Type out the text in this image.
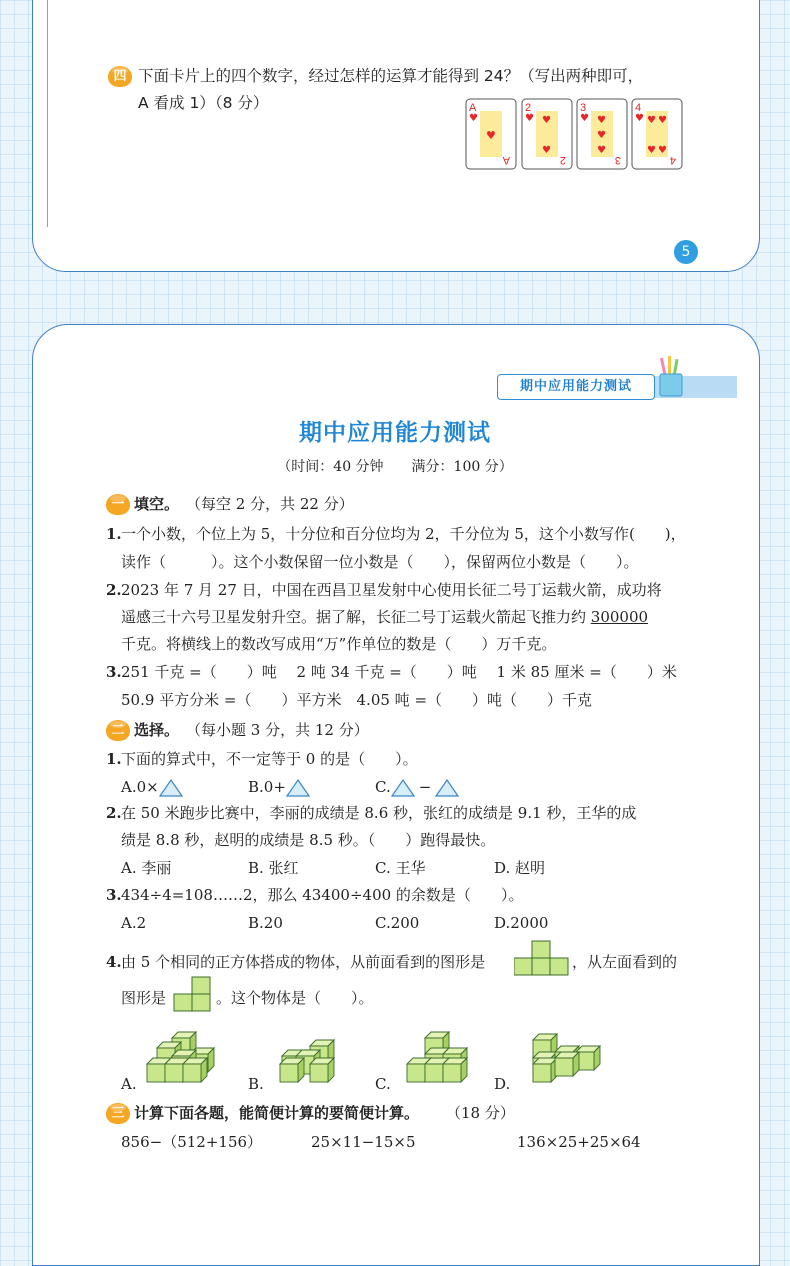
四 下面卡片上的四个数字，经过怎样的运算才能得到 24？（写出两种即可，
A 看成 1）（8 分）	A
♥
♥
A
2
♥ ♥
♥
2
3
♥ ♥
♥
♥
3
4
♥ ♥ ♥
♥ ♥
4
5
期中应用能力测试
期中应用能力测试
（时间：40 分钟　　满分：100 分）
一 填空。 （每空 2 分，共 22 分）
1. 一个小数，个位上为 5，十分位和百分位均为 2，千分位为 5，这个小数写作(　　)，
读作（　　　）。这个小数保留一位小数是（　　），保留两位小数是（　　）。
2. 2023 年 7 月 27 日，中国在西昌卫星发射中心使用长征二号丁运载火箭，成功将
遥感三十六号卫星发射升空。据了解，长征二号丁运载火箭起飞推力约 300000
千克。将横线上的数改写成用“万”作单位的数是（　　）万千克。
3. 251 千克 =（　　）吨　 2 吨 34 千克 =（　　）吨　 1 米 85 厘米 =（　　）米
50.9 平方分米 =（　　）平方米　4.05 吨 =（　　）吨（　　）千克
二 选择。 （每小题 3 分，共 12 分）
1. 下面的算式中，不一定等于 0 的是（　　）。
A.0×	B.0+	C. −
2. 在 50 米跑步比赛中，李丽的成绩是 8.6 秒，张红的成绩是 9.1 秒，王华的成
绩是 8.8 秒，赵明的成绩是 8.5 秒。（　　）跑得最快。
A. 李丽	B. 张红	C. 王华	D. 赵明
3. 434÷4=108……2，那么 43400÷400 的余数是（　　）。
A.2	B.20	C.200	D.2000
4. 由 5 个相同的正方体搭成的物体，从前面看到的图形是	，从左面看到的
图形是	。这个物体是（　　）。
A.	B.	C.	D.
三 计算下面各题，能简便计算的要简便计算。 （18 分）
856−（512+156）	25×11−15×5	136×25+25×64
